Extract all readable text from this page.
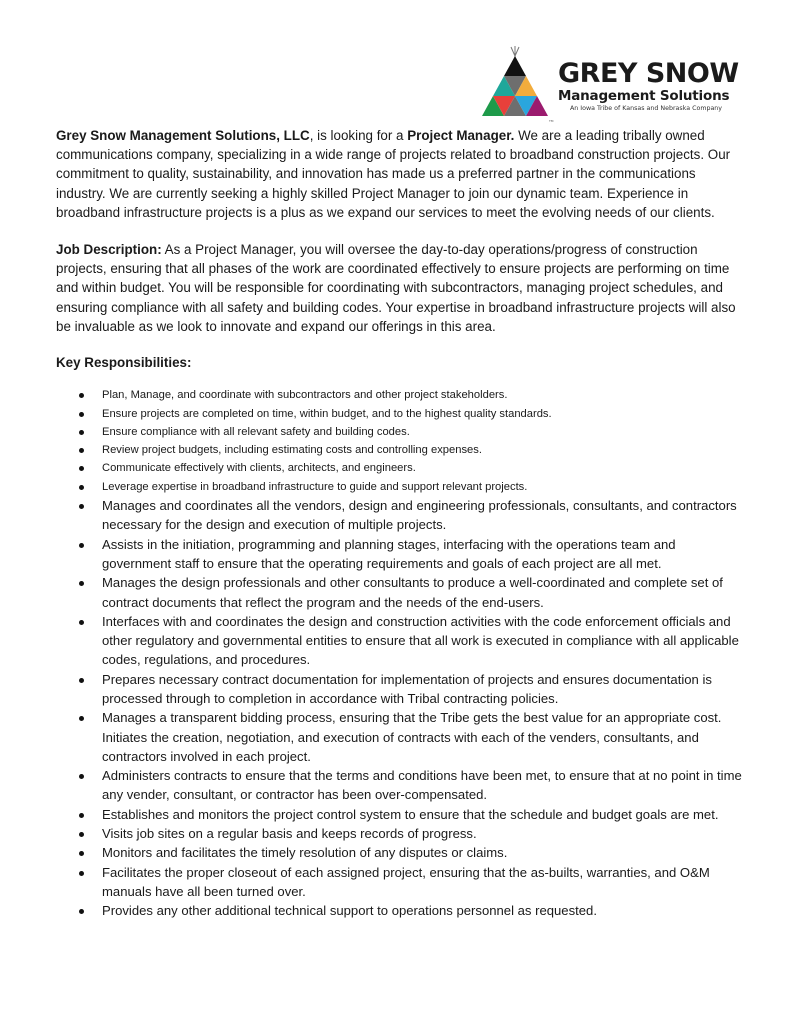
TM
GREY SNOW
Management Solutions
An Iowa Tribe of Kansas and Nebraska Company

Grey Snow Management Solutions, LLC, is looking for a Project Manager. We are a leading tribally owned communications company, specializing in a wide range of projects related to broadband construction projects. Our commitment to quality, sustainability, and innovation has made us a preferred partner in the communications industry. We are currently seeking a highly skilled Project Manager to join our dynamic team. Experience in broadband infrastructure projects is a plus as we expand our services to meet the evolving needs of our clients.

Job Description: As a Project Manager, you will oversee the day-to-day operations/progress of construction projects, ensuring that all phases of the work are coordinated effectively to ensure projects are performing on time and within budget. You will be responsible for coordinating with subcontractors, managing project schedules, and ensuring compliance with all safety and building codes. Your expertise in broadband infrastructure projects will also be invaluable as we look to innovate and expand our offerings in this area.

Key Responsibilities:

Plan, Manage, and coordinate with subcontractors and other project stakeholders.
Ensure projects are completed on time, within budget, and to the highest quality standards.
Ensure compliance with all relevant safety and building codes.
Review project budgets, including estimating costs and controlling expenses.
Communicate effectively with clients, architects, and engineers.
Leverage expertise in broadband infrastructure to guide and support relevant projects.
Manages and coordinates all the vendors, design and engineering professionals, consultants, and contractors necessary for the design and execution of multiple projects.
Assists in the initiation, programming and planning stages, interfacing with the operations team and government staff to ensure that the operating requirements and goals of each project are all met.
Manages the design professionals and other consultants to produce a well-coordinated and complete set of contract documents that reflect the program and the needs of the end-users.
Interfaces with and coordinates the design and construction activities with the code enforcement officials and other regulatory and governmental entities to ensure that all work is executed in compliance with all applicable codes, regulations, and procedures.
Prepares necessary contract documentation for implementation of projects and ensures documentation is processed through to completion in accordance with Tribal contracting policies.
Manages a transparent bidding process, ensuring that the Tribe gets the best value for an appropriate cost. Initiates the creation, negotiation, and execution of contracts with each of the venders, consultants, and contractors involved in each project.
Administers contracts to ensure that the terms and conditions have been met, to ensure that at no point in time any vender, consultant, or contractor has been over-compensated.
Establishes and monitors the project control system to ensure that the schedule and budget goals are met.
Visits job sites on a regular basis and keeps records of progress.
Monitors and facilitates the timely resolution of any disputes or claims.
Facilitates the proper closeout of each assigned project, ensuring that the as-builts, warranties, and O&M manuals have all been turned over.
Provides any other additional technical support to operations personnel as requested.
